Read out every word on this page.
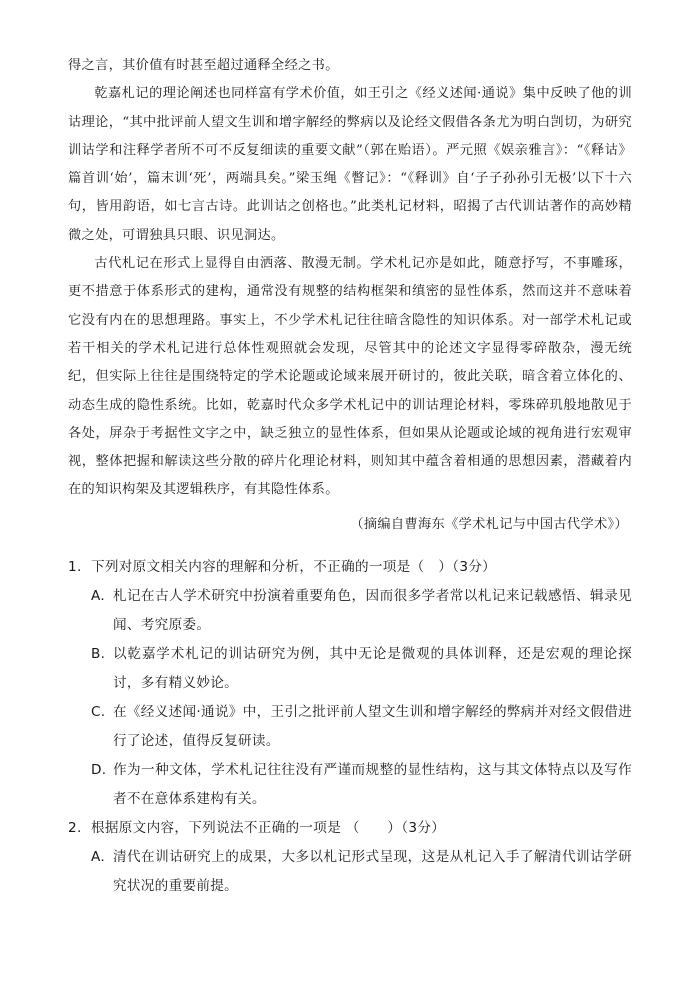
得之言，其价值有时甚至超过通释全经之书。

乾嘉札记的理论阐述也同样富有学术价值，如王引之《经义述闻·通说》集中反映了他的训诂理论，“其中批评前人望文生训和增字解经的弊病以及论经文假借各条尤为明白剀切，为研究训诂学和注释学者所不可不反复细读的重要文献”（郭在贻语）。严元照《娱亲雅言》：“《释诂》篇首训‘始’，篇末训‘死’，两端具矣。”梁玉绳《瞥记》：“《释训》自‘子子孙孙引无极’以下十六句，皆用韵语，如七言古诗。此训诂之创格也。”此类札记材料，昭揭了古代训诂著作的高妙精微之处，可谓独具只眼、识见洞达。

古代札记在形式上显得自由洒落、散漫无制。学术札记亦是如此，随意抒写，不事雕琢，更不措意于体系形式的建构，通常没有规整的结构框架和缜密的显性体系，然而这并不意味着它没有内在的思想理路。事实上，不少学术札记往往暗含隐性的知识体系。对一部学术札记或若干相关的学术札记进行总体性观照就会发现，尽管其中的论述文字显得零碎散杂，漫无统纪，但实际上往往是围绕特定的学术论题或论域来展开研讨的，彼此关联，暗含着立体化的、动态生成的隐性系统。比如，乾嘉时代众多学术札记中的训诂理论材料，零珠碎玑般地散见于各处，屏杂于考据性文字之中，缺乏独立的显性体系，但如果从论题或论域的视角进行宏观审视，整体把握和解读这些分散的碎片化理论材料，则知其中蕴含着相通的思想因素，潜藏着内在的知识构架及其逻辑秩序，有其隐性体系。

（摘编自曹海东《学术札记与中国古代学术》）
1. 下列对原文相关内容的理解和分析，不正确的一项是（　）（3分）
A. 札记在古人学术研究中扮演着重要角色，因而很多学者常以札记来记载感悟、辑录见闻、考究原委。
B. 以乾嘉学术札记的训诂研究为例，其中无论是微观的具体训释，还是宏观的理论探讨，多有精义妙论。
C. 在《经义述闻·通说》中，王引之批评前人望文生训和增字解经的弊病并对经文假借进行了论述，值得反复研读。
D. 作为一种文体，学术札记往往没有严谨而规整的显性结构，这与其文体特点以及写作者不在意体系建构有关。
2. 根据原文内容，下列说法不正确的一项是 （　　）（3分）
A. 清代在训诂研究上的成果，大多以札记形式呈现，这是从札记入手了解清代训诂学研究状况的重要前提。
